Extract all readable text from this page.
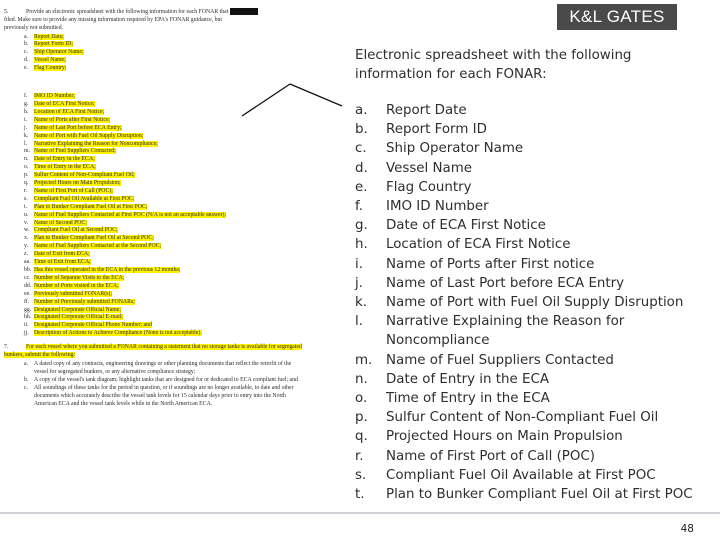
5.	Provide an electronic spreadsheet with the following information for each FONAR that
filed. Make sure to provide any missing information required by EPA's FONAR guidance, but
previously not submitted.
a. Report Date;
b. Report Form ID;
c. Ship Operator Name;
d. Vessel Name;
e. Flag Country;
f. IMO ID Number;
g. Date of ECA First Notice;
h. Location of ECA First Notice;
i. Name of Ports after First Notice;
j. Name of Last Port before ECA Entry;
k. Name of Port with Fuel Oil Supply Disruption;
l. Narrative Explaining the Reason for Noncompliance;
m. Name of Fuel Suppliers Contacted;
n. Date of Entry in the ECA;
o. Time of Entry in the ECA;
p. Sulfur Content of Non-Compliant Fuel Oil;
q. Projected Hours on Main Propulsion;
r. Name of First Port of Call (POC);
s. Compliant Fuel Oil Available at First POC;
t. Plan to Bunker Compliant Fuel Oil at First POC;
u. Name of Fuel Suppliers Contacted at First POC (N/A is not an acceptable answer);
v. Name of Second POC;
w. Compliant Fuel Oil at Second POC;
x. Plan to Bunker Compliant Fuel Oil at Second POC;
y. Name of Fuel Suppliers Contacted at the Second POC;
z. Date of Exit from ECA;
aa. Time of Exit from ECA;
bb. Has this vessel operated in the ECA in the previous 12 months;
cc. Number of Separate Visits to the ECA;
dd. Number of Ports visited in the ECA;
ee. Previously submitted FONAR(s);
ff. Number of Previously submitted FONARs;
gg. Designated Corporate Official Name;
hh. Designated Corporate Official E-mail;
ii. Designated Corporate Official Phone Number; and
jj. Description of Actions to Achieve Compliance (None is not acceptable).
7.	For each vessel where you submitted a FONAR containing a statement that no storage tanks is available for segregated bunkers, submit the following:
a. A dated copy of any contracts, engineering drawings or other planning documents that reflect the retrofit of the vessel for segregated bunkers, or any alternative compliance strategy;
b. A copy of the vessel's tank diagram; highlight tanks that are designed for or dedicated to ECA compliant fuel; and
c. All soundings of these tanks for the period in question, or if soundings are no longer available, to date and other documents which accurately describe the vessel tank levels for 15 calendar days prior to entry into the North American ECA and the vessel tank levels while in the North American ECA.
K&L GATES

Electronic spreadsheet with the following information for each FONAR:

a.	Report Date
b.	Report Form ID
c.	Ship Operator Name
d.	Vessel Name
e.	Flag Country
f.	IMO ID Number
g.	Date of ECA First Notice
h.	Location of ECA First Notice
i.	Name of Ports after First notice
j.	Name of Last Port before ECA Entry
k.	Name of Port with Fuel Oil Supply Disruption
l.	Narrative Explaining the Reason for Noncompliance
m.	Name of Fuel Suppliers Contacted
n.	Date of Entry in the ECA
o.	Time of Entry in the ECA
p.	Sulfur Content of Non-Compliant Fuel Oil
q.	Projected Hours on Main Propulsion
r.	Name of First Port of Call (POC)
s.	Compliant Fuel Oil Available at First POC
t.	Plan to Bunker Compliant Fuel Oil at First POC
48
